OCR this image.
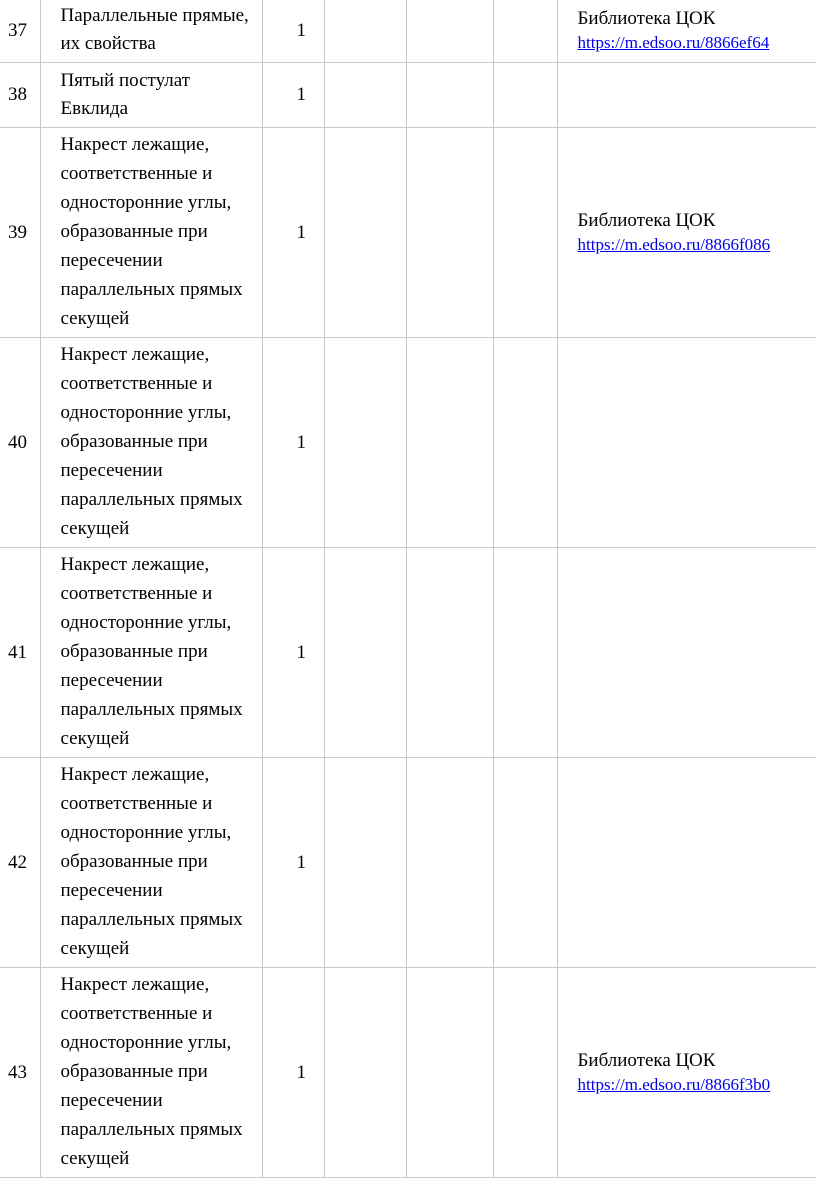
37	Параллельные прямые, их свойства	1				Библиотека ЦОК
https://m.edsoo.ru/8866ef64

38	Пятый постулат Евклида	1				
39	Накрест лежащие, соответственные и односторонние углы, образованные при пересечении параллельных прямых секущей	1				Библиотека ЦОК
https://m.edsoo.ru/8866f086

40	Накрест лежащие, соответственные и односторонние углы, образованные при пересечении параллельных прямых секущей	1				
41	Накрест лежащие, соответственные и односторонние углы, образованные при пересечении параллельных прямых секущей	1				
42	Накрест лежащие, соответственные и односторонние углы, образованные при пересечении параллельных прямых секущей	1				
43	Накрест лежащие, соответственные и односторонние углы, образованные при пересечении параллельных прямых секущей	1				Библиотека ЦОК
https://m.edsoo.ru/8866f3b0
